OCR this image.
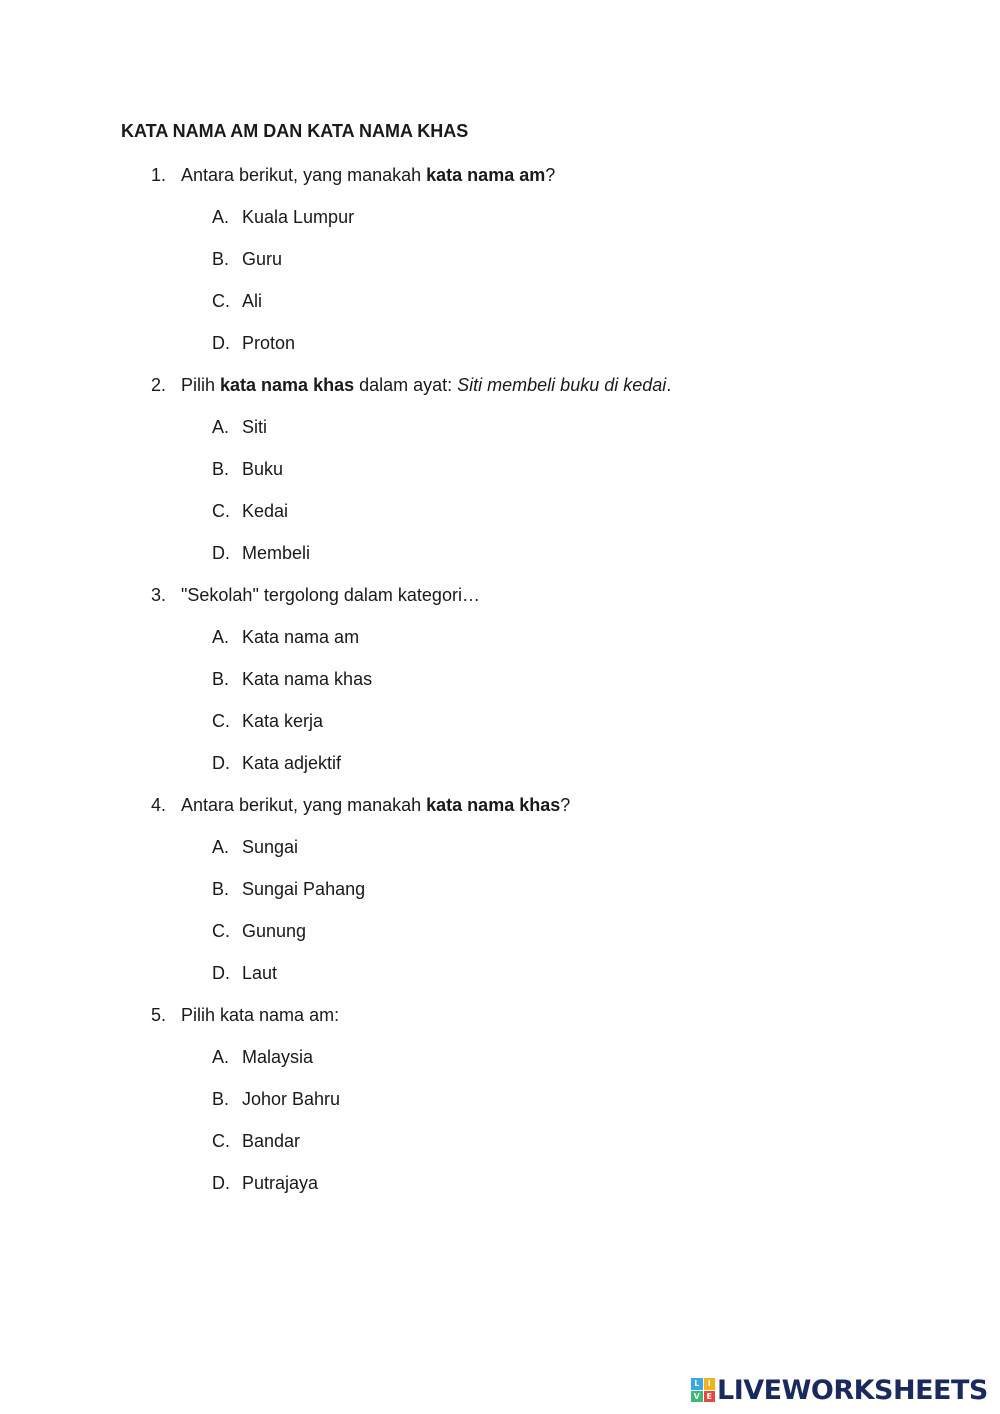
KATA NAMA AM DAN KATA NAMA KHAS
1. Antara berikut, yang manakah kata nama am?
A. Kuala Lumpur
B. Guru
C. Ali
D. Proton
2. Pilih kata nama khas dalam ayat: Siti membeli buku di kedai.
A. Siti
B. Buku
C. Kedai
D. Membeli
3. "Sekolah" tergolong dalam kategori…
A. Kata nama am
B. Kata nama khas
C. Kata kerja
D. Kata adjektif
4. Antara berikut, yang manakah kata nama khas?
A. Sungai
B. Sungai Pahang
C. Gunung
D. Laut
5. Pilih kata nama am:
A. Malaysia
B. Johor Bahru
C. Bandar
D. Putrajaya
L	I
V E LIVEWORKSHEETS
